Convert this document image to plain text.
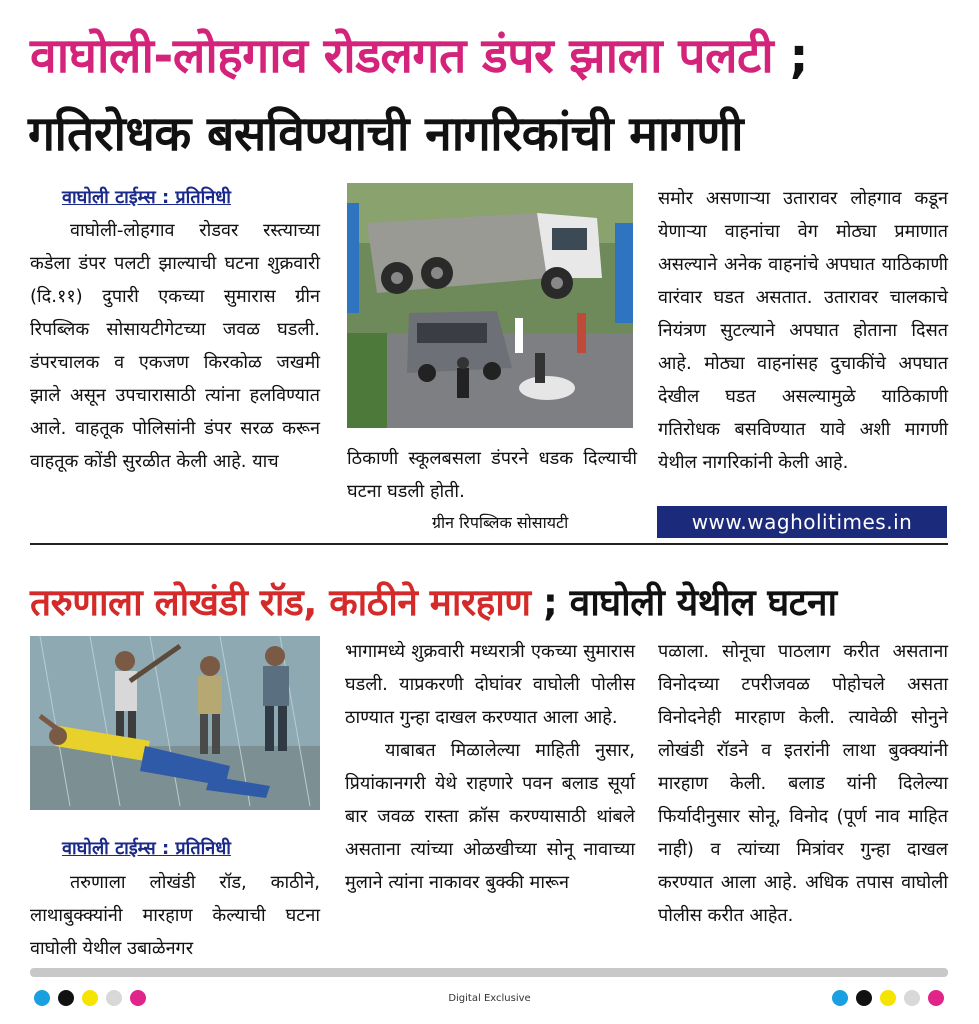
वाघोली-लोहगाव रोडलगत डंपर झाला पलटी ;
गतिरोधक बसविण्याची नागरिकांची मागणी
वाघोली टाईम्स : प्रतिनिधी

वाघोली-लोहगाव रोडवर रस्त्याच्या कडेला डंपर पलटी झाल्याची घटना शुक्रवारी (दि.११) दुपारी एकच्या सुमारास ग्रीन रिपब्लिक सोसायटीगेटच्या जवळ घडली. डंपरचालक व एकजण किरकोळ जखमी झाले असून उपचारासाठी त्यांना हलविण्यात आले. वाहतूक पोलिसांनी डंपर सरळ करून वाहतूक कोंडी सुरळीत केली आहे. याच	ठिकाणी स्कूलबसला डंपरने धडक दिल्याची घटना घडली होती.

ग्रीन रिपब्लिक सोसायटी

समोर असणाऱ्या उतारावर लोहगाव कडून येणाऱ्या वाहनांचा वेग मोठ्या प्रमाणात असल्याने अनेक वाहनांचे अपघात याठिकाणी वारंवार घडत असतात. उतारावर चालकाचे नियंत्रण सुटल्याने अपघात होताना दिसत आहे. मोठ्या वाहनांसह दुचाकींचे अपघात देखील घडत असल्यामुळे याठिकाणी गतिरोधक बसविण्यात यावे अशी मागणी येथील नागरिकांनी केली आहे.

www.wagholitimes.in
तरुणाला लोखंडी रॉड, काठीने मारहाण ; वाघोली येथील घटना
वाघोली टाईम्स : प्रतिनिधी

तरुणाला लोखंडी रॉड, काठीने, लाथाबुक्क्यांनी मारहाण केल्याची घटना वाघोली येथील उबाळेनगर

भागामध्ये शुक्रवारी मध्यरात्री एकच्या सुमारास घडली. याप्रकरणी दोघांवर वाघोली पोलीस ठाण्यात गुन्हा दाखल करण्यात आला आहे.

याबाबत मिळालेल्या माहिती नुसार, प्रियांकानगरी येथे राहणारे पवन बलाड सूर्या बार जवळ रास्ता क्रॉस करण्यासाठी थांबले असताना त्यांच्या ओळखीच्या सोनू नावाच्या मुलाने त्यांना नाकावर बुक्की मारून

पळाला. सोनूचा पाठलाग करीत असताना विनोदच्या टपरीजवळ पोहोचले असता विनोदनेही मारहाण केली. त्यावेळी सोनुने लोखंडी रॉडने व इतरांनी लाथा बुक्क्यांनी मारहाण केली. बलाड यांनी दिलेल्या फिर्यादीनुसार सोनू, विनोद (पूर्ण नाव माहित नाही) व त्यांच्या मित्रांवर गुन्हा दाखल करण्यात आला आहे. अधिक तपास वाघोली पोलीस करीत आहेत.

Digital Exclusive
